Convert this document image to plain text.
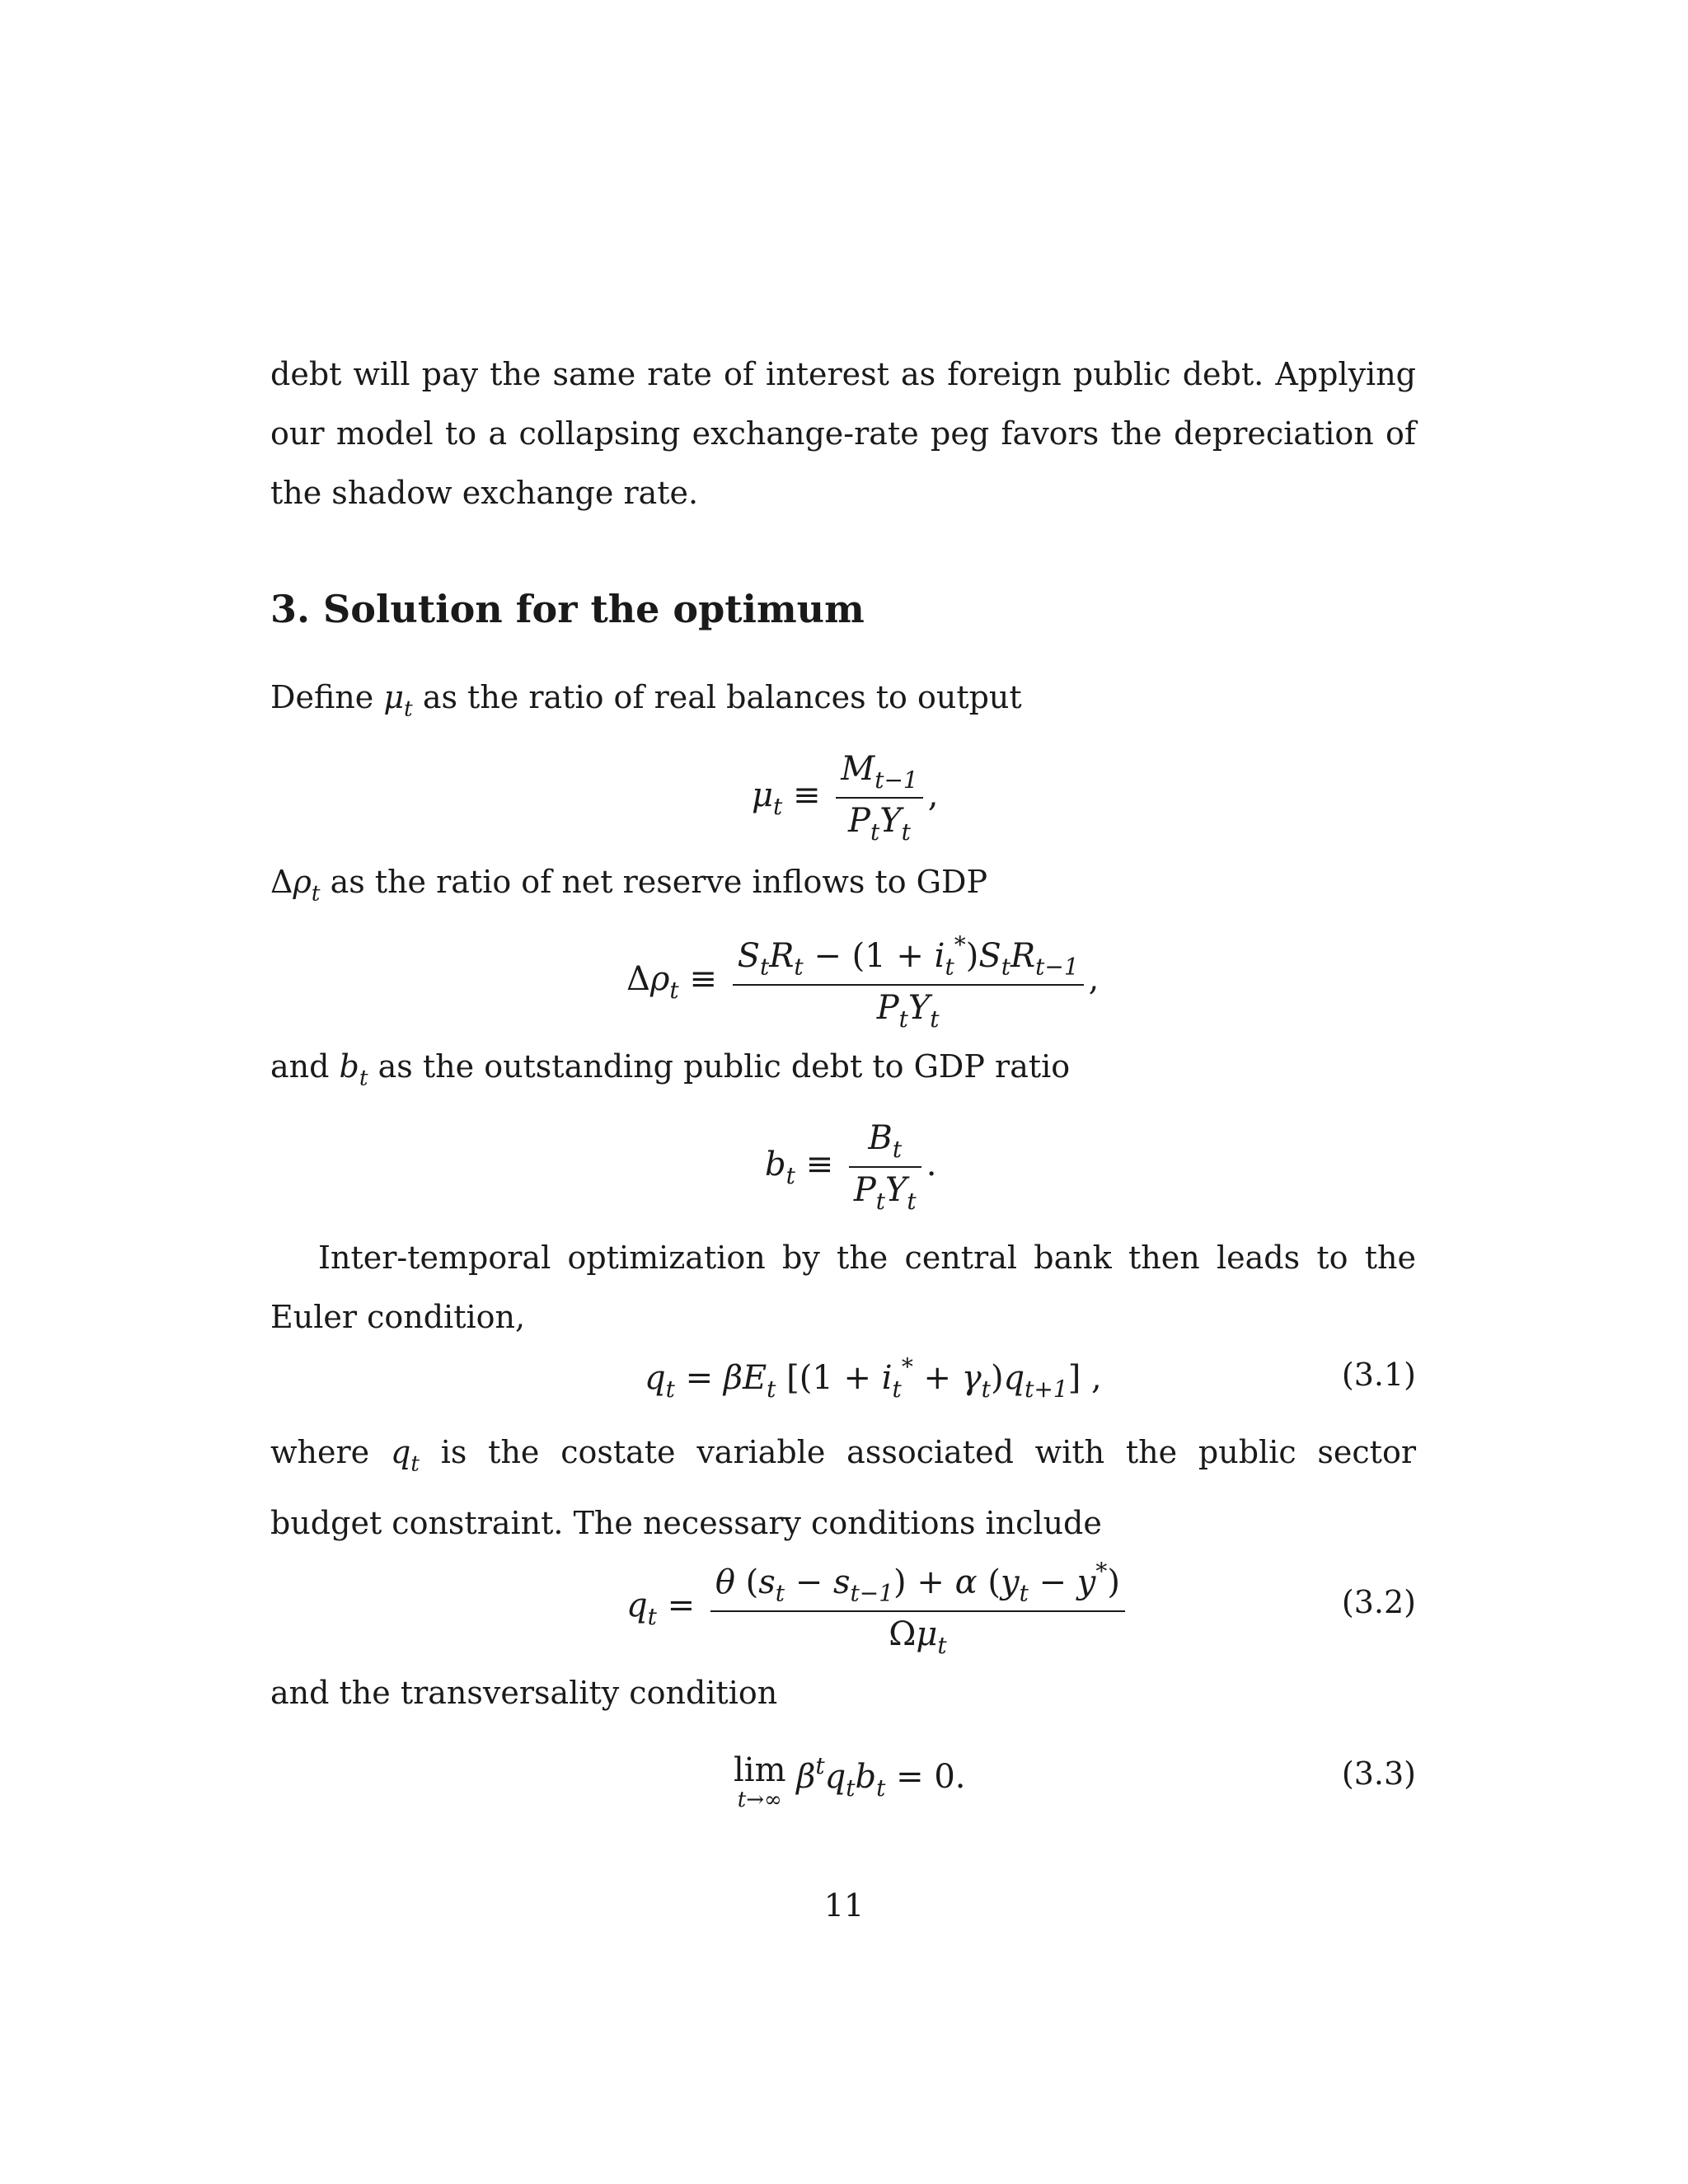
debt will pay the same rate of interest as foreign public debt. Applying our model to a collapsing exchange-rate peg favors the depreciation of the shadow exchange rate.
3. Solution for the optimum
Define $\mu_t$ as the ratio of real balances to output
$\mu_t \equiv \frac{M_{t-1}}{P_tY_t}$ ,
$\Delta\rho_t$ as the ratio of net reserve inflows to GDP
$\Delta\rho_t \equiv \frac{S_tR_t - (1 + i_t^*)S_tR_{t-1}}{P_tY_t}$ ,
and $b_t$ as the outstanding public debt to GDP ratio
$b_t \equiv \frac{B_t}{P_tY_t}$ .
Inter-temporal optimization by the central bank then leads to the Euler condition,
$q_t = \beta E_t$ $[(1 + i_t^* + \gamma_t)q_{t+1}]$ ,	(3.1)
where $q_t$ is the costate variable associated with the public sector budget constraint. The necessary conditions include
$q_t = \frac{\theta (s_t - s_{t-1}) + \alpha (y_t - y^*)}{\Omega\mu_t}$	(3.2)
and the transversality condition
lim
t→∞
$\beta^tq_tb_t = 0$.	(3.3)
11
